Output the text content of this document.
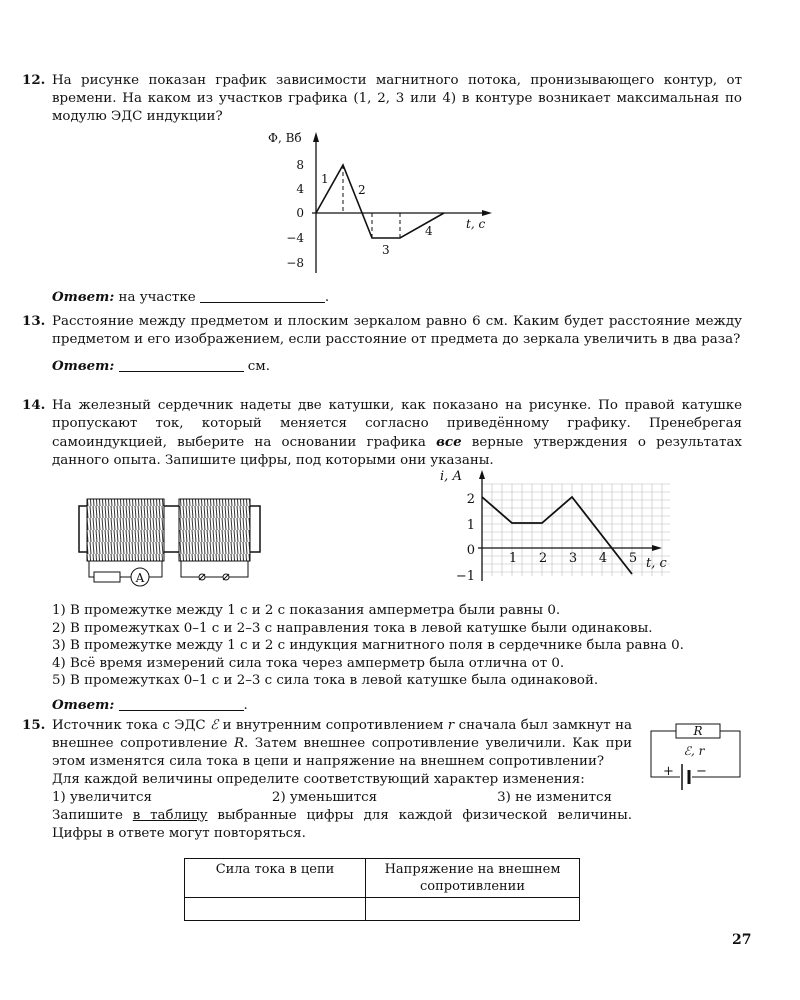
12. На рисунке показан график зависимости магнитного потока, пронизывающего контур, от времени. На каком из участков графика (1, 2, 3 или 4) в контуре возникает максимальная по модулю ЭДС индукции?
Ф, Вб
t, с
8
4
0
−4
−8
1
2
3
4
Ответ: на участке	.
13. Расстояние между предметом и плоским зеркалом равно 6 см. Каким будет расстояние между предметом и его изображением, если расстояние от предмета до зеркала увеличить в два раза?
Ответ:	см.
14. На железный сердечник надеты две катушки, как показано на рисунке. По правой катушке пропускают ток, который меняется согласно приведённому графику. Пренебрегая самоиндукцией, выберите на основании графика все верные утверждения о результатах данного опыта. Запишите цифры, под которыми они указаны.
A
i, А
t, с
2
1
0
−1
1 2 3 4 5
1) В промежутке между 1 с и 2 с показания амперметра были равны 0.
2) В промежутках 0–1 с и 2–3 с направления тока в левой катушке были одинаковы.
3) В промежутке между 1 с и 2 с индукция магнитного поля в сердечнике была равна 0.
4) Всё время измерений сила тока через амперметр была отлична от 0.
5) В промежутках 0–1 с и 2–3 с сила тока в левой катушке была одинаковой.
Ответ:	.
15. Источник тока с ЭДС ℰ и внутренним сопротивлением r сначала был замкнут на внешнее сопротивление R. Затем внешнее сопротивление увеличили. Как при этом изменятся сила тока в цепи и напряжение на внешнем сопротивлении?
Для каждой величины определите соответствующий характер изменения:
1) увеличится	2) уменьшится	3) не изменится
Запишите в таблицу выбранные цифры для каждой физической величины. Цифры в ответе могут повторяться.
R
ℰ, r
+ −
Сила тока в цепи	Напряжение на внешнем сопротивлении

27
